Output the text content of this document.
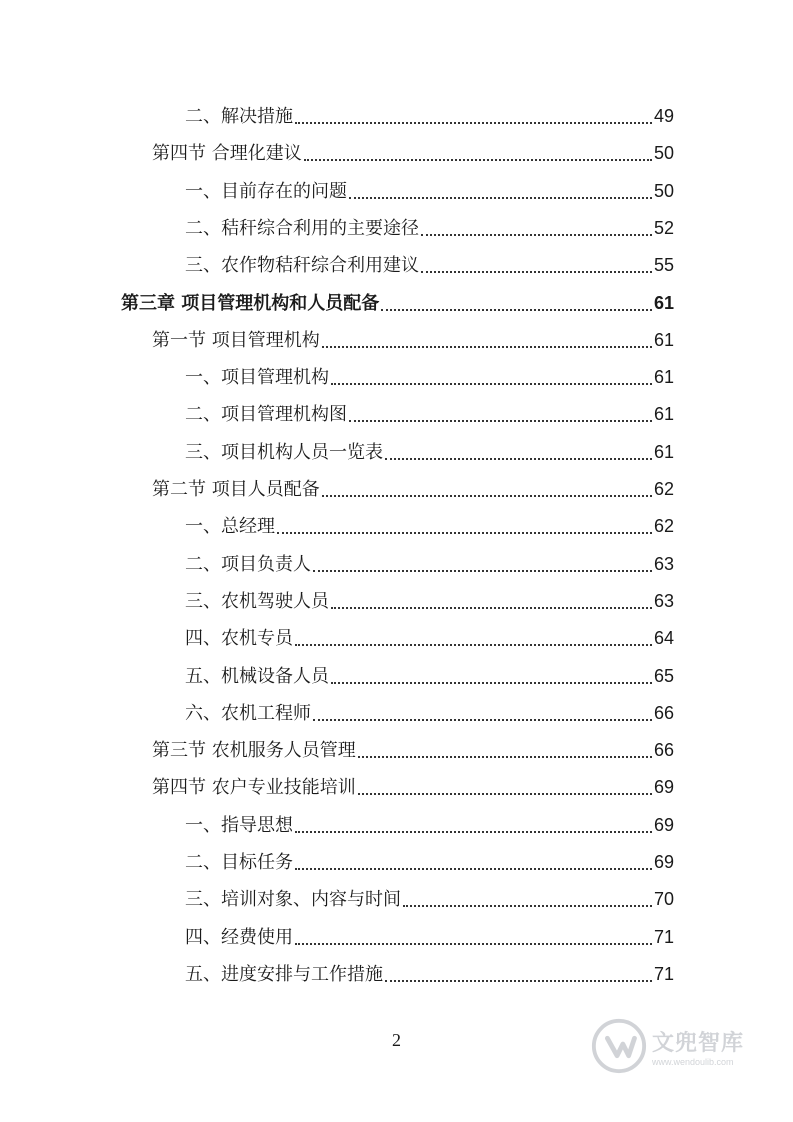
二、解决措施	49
第四节 合理化建议	50
一、目前存在的问题	50
二、秸秆综合利用的主要途径	52
三、农作物秸秆综合利用建议	55
第三章 项目管理机构和人员配备	61
第一节 项目管理机构	61
一、项目管理机构	61
二、项目管理机构图	61
三、项目机构人员一览表	61
第二节 项目人员配备	62
一、总经理	62
二、项目负责人	63
三、农机驾驶人员	63
四、农机专员	64
五、机械设备人员	65
六、农机工程师	66
第三节 农机服务人员管理	66
第四节 农户专业技能培训	69
一、指导思想	69
二、目标任务	69
三、培训对象、内容与时间	70
四、经费使用	71
五、进度安排与工作措施	71
2	文兜智库
www.wendoulib.com
